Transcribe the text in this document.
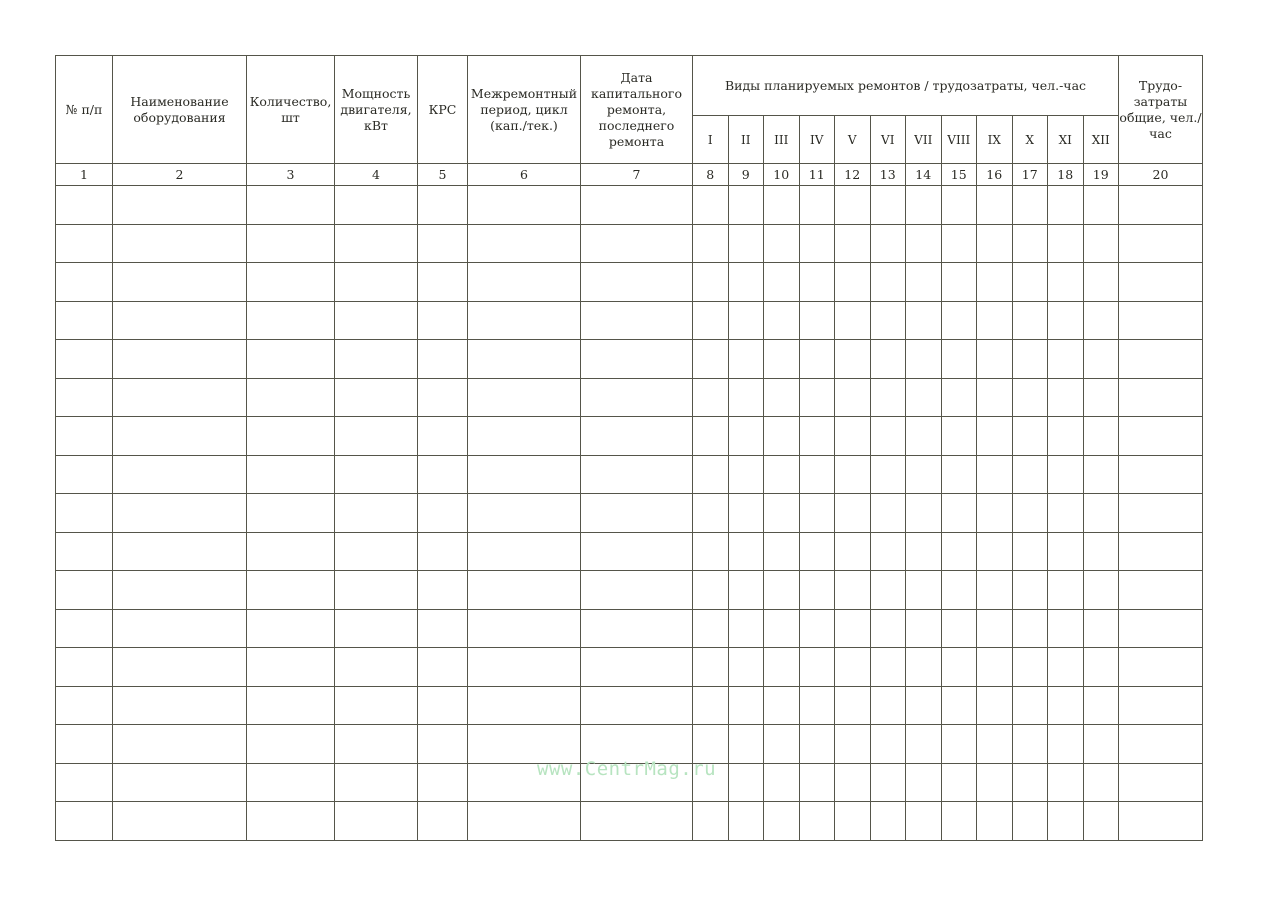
№ п/п	Наименование оборудования	Количество, шт	Мощность двигателя, кВт	КРС	Межремонтный период, цикл (кап./тек.)	Дата капитального ремонта, последнего ремонта	Виды планируемых ремонтов / трудозатраты, чел.-час												Трудо-затраты общие, чел./час
							I	II	III	IV	V	VI	VII	VIII	IX	X	XI	XII	
1	2	3	4	5	6	7	8	9	10	11	12	13	14	15	16	17	18	19	20

www.CentrMag.ru
